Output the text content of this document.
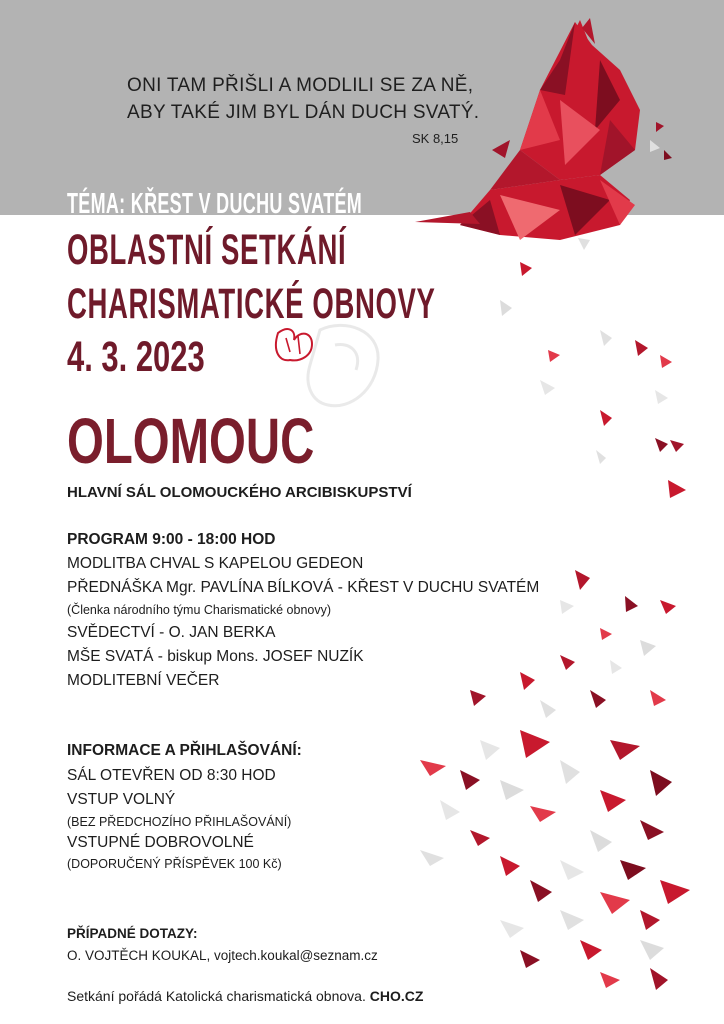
ONI TAM PŘIŠLI A MODLILI SE ZA NĚ,
ABY TAKÉ JIM BYL DÁN DUCH SVATÝ.
SK 8,15
TÉMA: KŘEST V DUCHU SVATÉM
OBLASTNÍ SETKÁNÍ
CHARISMATICKÉ OBNOVY
4. 3. 2023
OLOMOUC
HLAVNÍ SÁL OLOMOUCKÉHO ARCIBISKUPSTVÍ
PROGRAM 9:00 - 18:00 HOD
MODLITBA CHVAL S KAPELOU GEDEON
PŘEDNÁŠKA Mgr. PAVLÍNA BÍLKOVÁ - KŘEST V DUCHU SVATÉM
(Členka národního týmu Charismatické obnovy)
SVĚDECTVÍ - O. JAN BERKA
MŠE SVATÁ - biskup Mons. JOSEF NUZÍK
MODLITEBNÍ VEČER
INFORMACE A PŘIHLAŠOVÁNÍ:
SÁL OTEVŘEN OD 8:30 HOD
VSTUP VOLNÝ
(BEZ PŘEDCHOZÍHO PŘIHLAŠOVÁNÍ)
VSTUPNÉ DOBROVOLNÉ
(DOPORUČENÝ PŘÍSPĚVEK 100 Kč)
PŘÍPADNÉ DOTAZY:
O. VOJTĚCH KOUKAL, vojtech.koukal@seznam.cz
Setkání pořádá Katolická charismatická obnova. CHO.CZ
